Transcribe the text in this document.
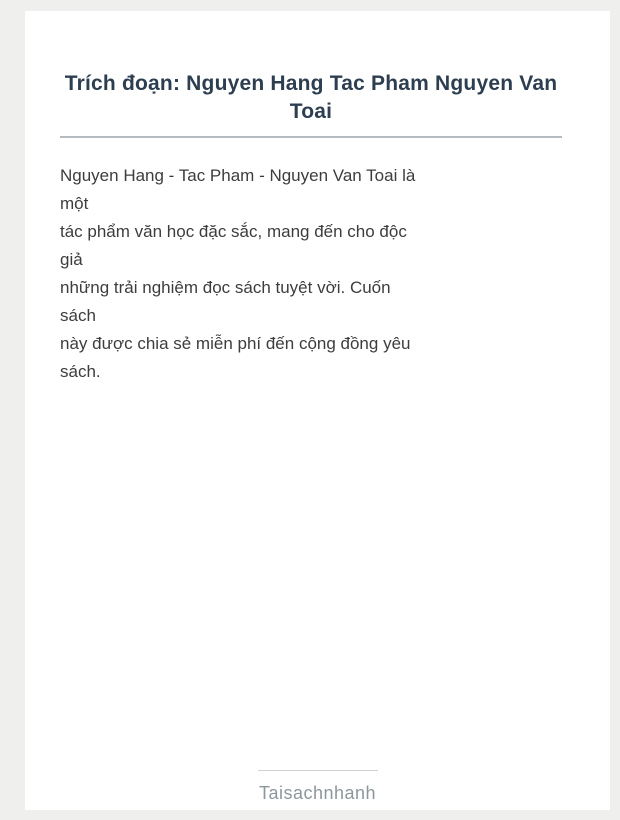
Trích đoạn: Nguyen Hang Tac Pham Nguyen Van Toai
Nguyen Hang - Tac Pham - Nguyen Van Toai là
một
tác phẩm văn học đặc sắc, mang đến cho độc
giả
những trải nghiệm đọc sách tuyệt vời. Cuốn
sách
này được chia sẻ miễn phí đến cộng đồng yêu
sách.
Taisachnhanh
